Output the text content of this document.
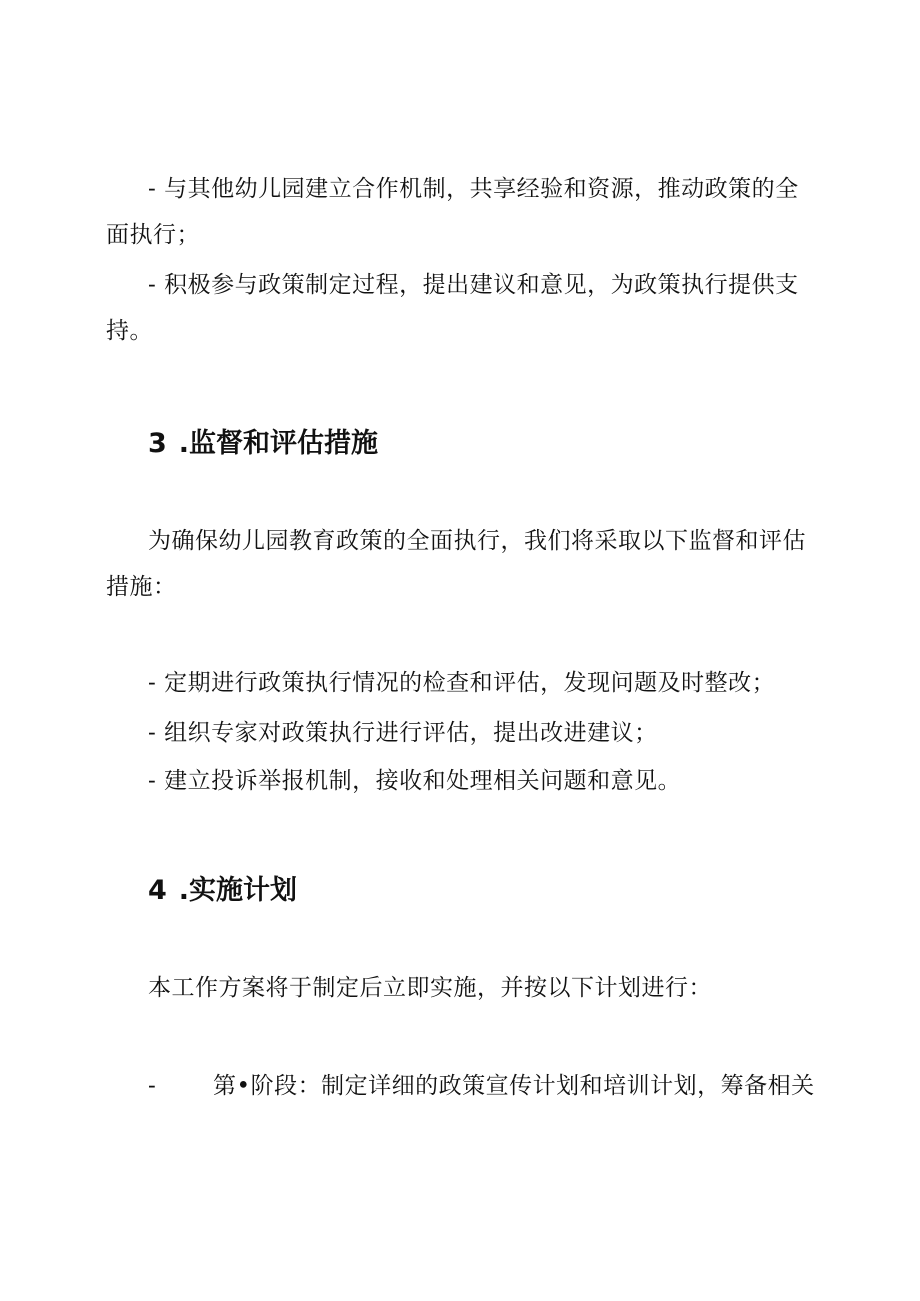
- 与其他幼儿园建立合作机制，共享经验和资源，推动政策的全面执行；

- 积极参与政策制定过程，提出建议和意见，为政策执行提供支持。

3 .监督和评估措施

为确保幼儿园教育政策的全面执行，我们将采取以下监督和评估措施：

- 定期进行政策执行情况的检查和评估，发现问题及时整改；

- 组织专家对政策执行进行评估，提出改进建议；

- 建立投诉举报机制，接收和处理相关问题和意见。

4 .实施计划

本工作方案将于制定后立即实施，并按以下计划进行：

- 第•阶段：制定详细的政策宣传计划和培训计划，筹备相关
